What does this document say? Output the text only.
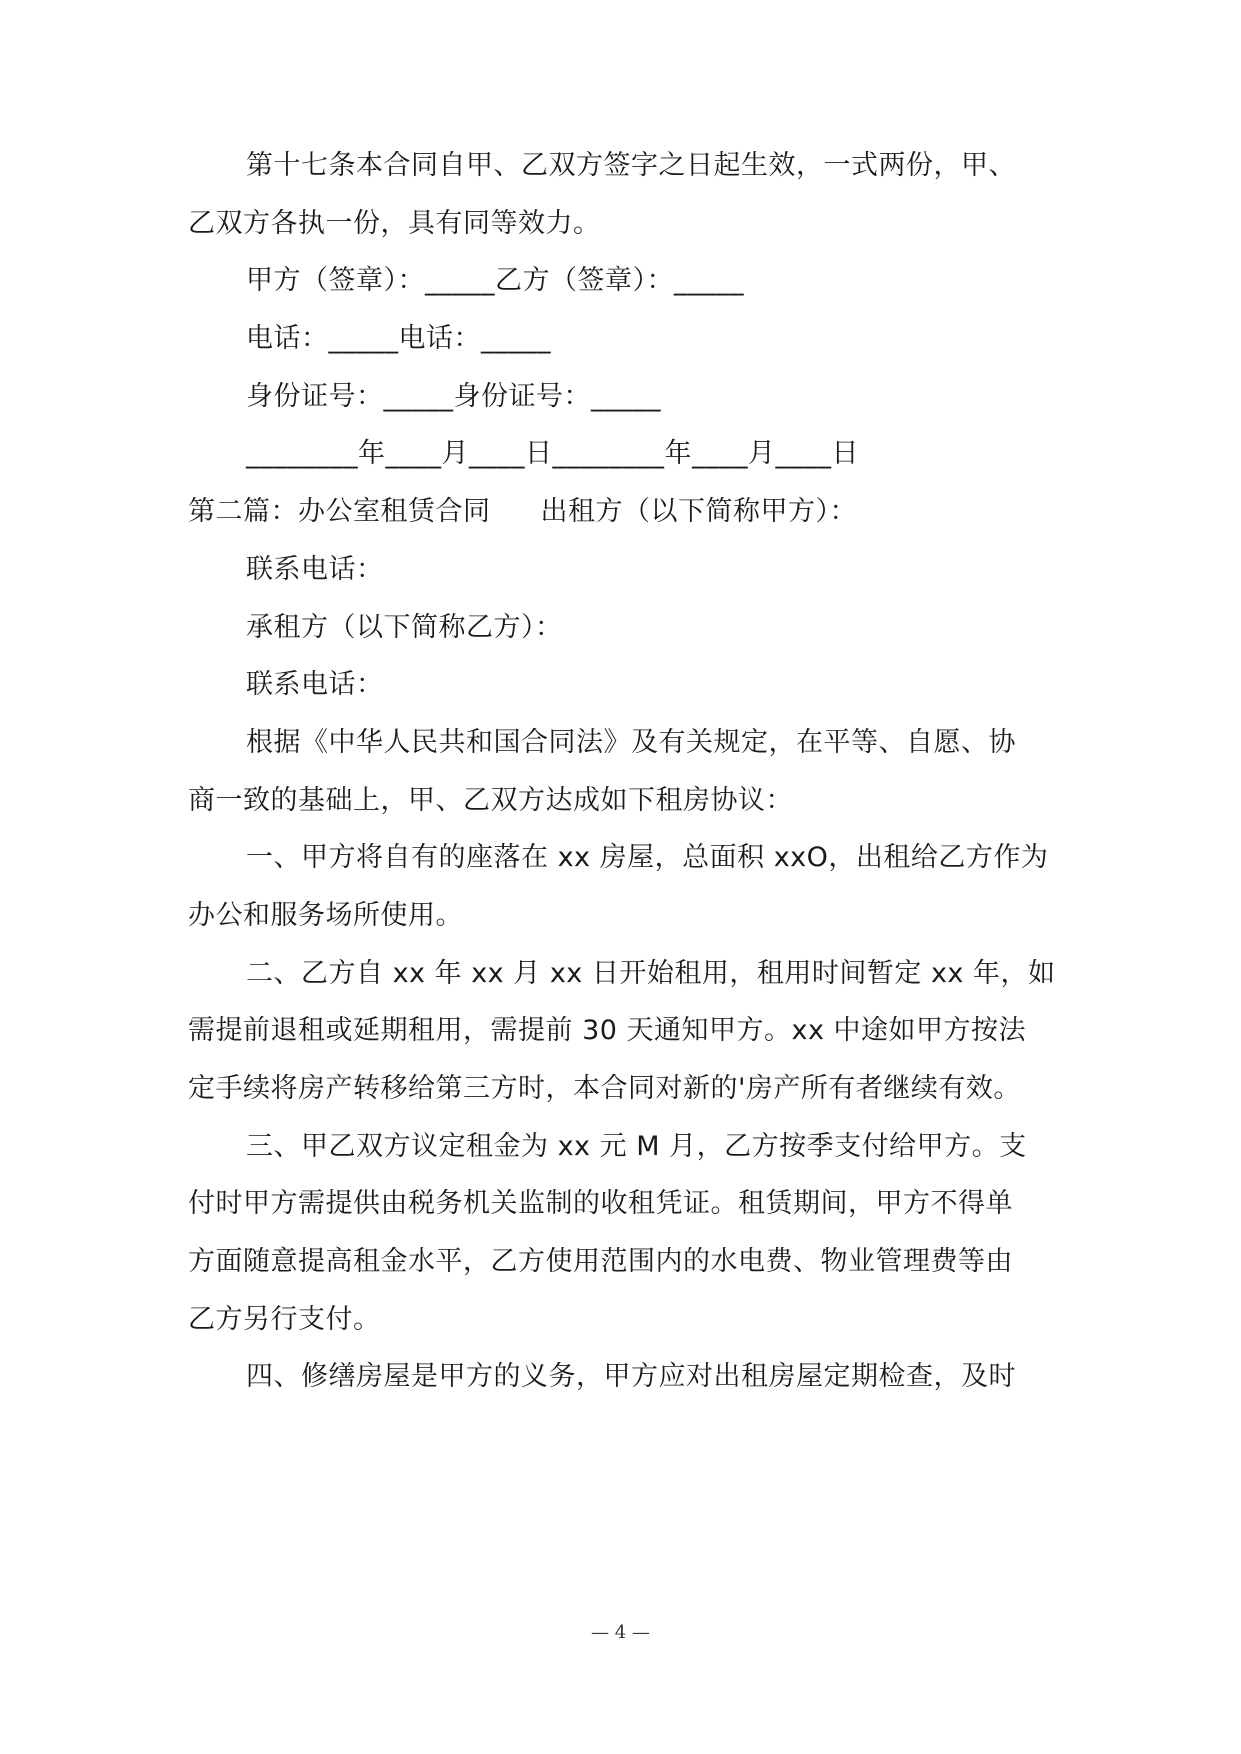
第十七条本合同自甲、乙双方签字之日起生效，一式两份，甲、
乙双方各执一份，具有同等效力。
甲方（签章）：_____乙方（签章）：_____
电话：_____电话：_____
身份证号：_____身份证号：_____
________年____月____日________年____月____日
第二篇：办公室租赁合同 出租方（以下简称甲方）：
联系电话：
承租方（以下简称乙方）：
联系电话：
根据《中华人民共和国合同法》及有关规定，在平等、自愿、协
商一致的基础上，甲、乙双方达成如下租房协议：
一、甲方将自有的座落在 xx 房屋，总面积 xxO，出租给乙方作为
办公和服务场所使用。
二、乙方自 xx 年 xx 月 xx 日开始租用，租用时间暂定 xx 年，如
需提前退租或延期租用，需提前 30 天通知甲方。xx 中途如甲方按法
定手续将房产转移给第三方时，本合同对新的'房产所有者继续有效。
三、甲乙双方议定租金为 xx 元 M 月，乙方按季支付给甲方。支
付时甲方需提供由税务机关监制的收租凭证。租赁期间，甲方不得单
方面随意提高租金水平，乙方使用范围内的水电费、物业管理费等由
乙方另行支付。
四、修缮房屋是甲方的义务，甲方应对出租房屋定期检查，及时
— 4 —
